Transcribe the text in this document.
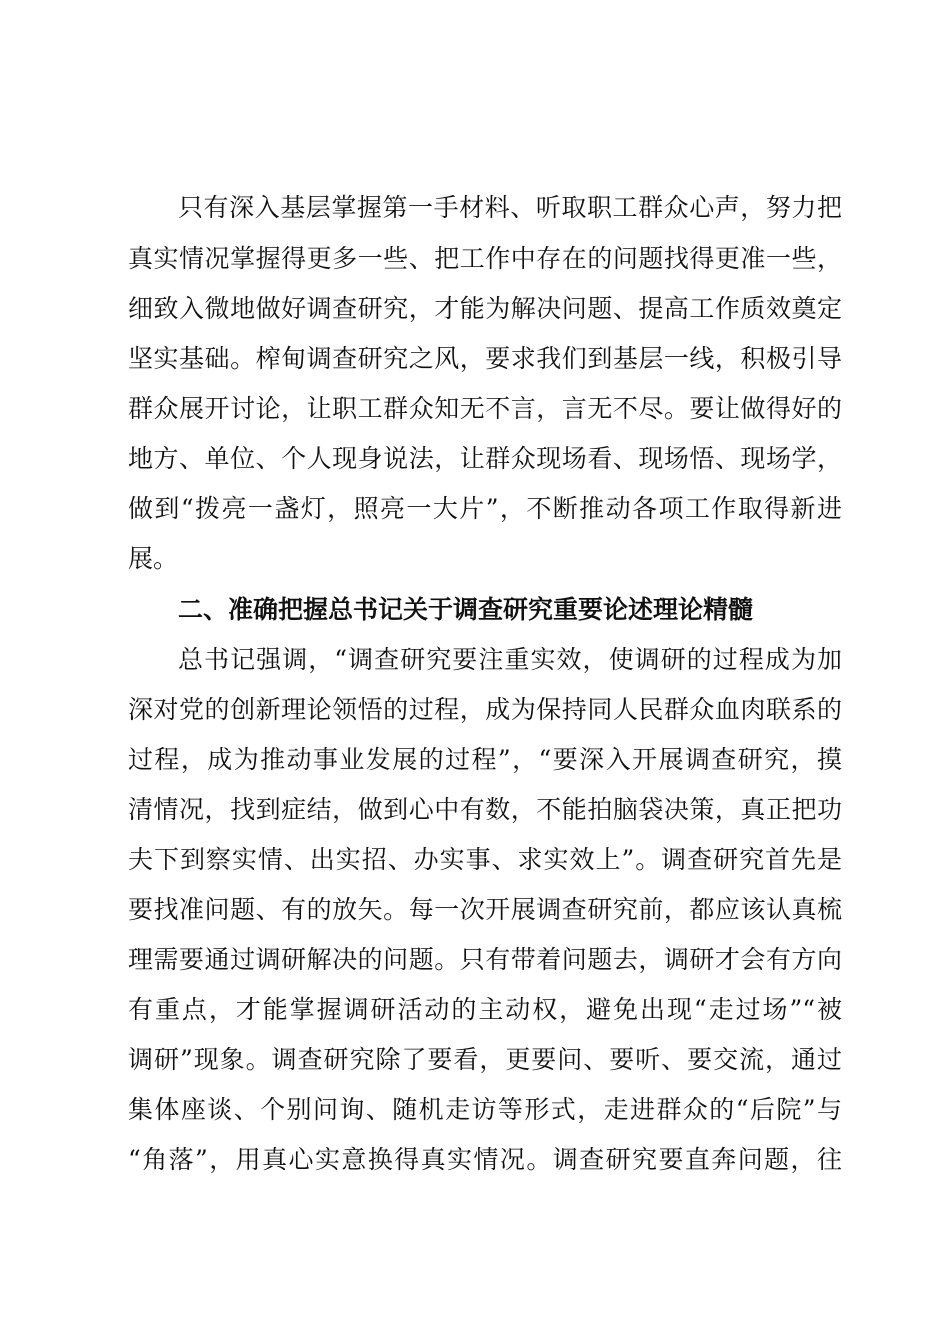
只有深入基层掌握第一手材料、听取职工群众心声，努力把
真实情况掌握得更多一些、把工作中存在的问题找得更准一些，
细致入微地做好调查研究，才能为解决问题、提高工作质效奠定
坚实基础。榨甸调查研究之风，要求我们到基层一线，积极引导
群众展开讨论，让职工群众知无不言，言无不尽。要让做得好的
地方、单位、个人现身说法，让群众现场看、现场悟、现场学，
做到“拨亮一盏灯，照亮一大片”，不断推动各项工作取得新进
展。
二、准确把握总书记关于调查研究重要论述理论精髓
总书记强调，“调查研究要注重实效，使调研的过程成为加
深对党的创新理论领悟的过程，成为保持同人民群众血肉联系的
过程，成为推动事业发展的过程”，“要深入开展调查研究，摸
清情况，找到症结，做到心中有数，不能拍脑袋决策，真正把功
夫下到察实情、出实招、办实事、求实效上”。调查研究首先是
要找准问题、有的放矢。每一次开展调查研究前，都应该认真梳
理需要通过调研解决的问题。只有带着问题去，调研才会有方向
有重点，才能掌握调研活动的主动权，避免出现“走过场”“被
调研”现象。调查研究除了要看，更要问、要听、要交流，通过
集体座谈、个别问询、随机走访等形式，走进群众的“后院”与
“角落”，用真心实意换得真实情况。调查研究要直奔问题，往
